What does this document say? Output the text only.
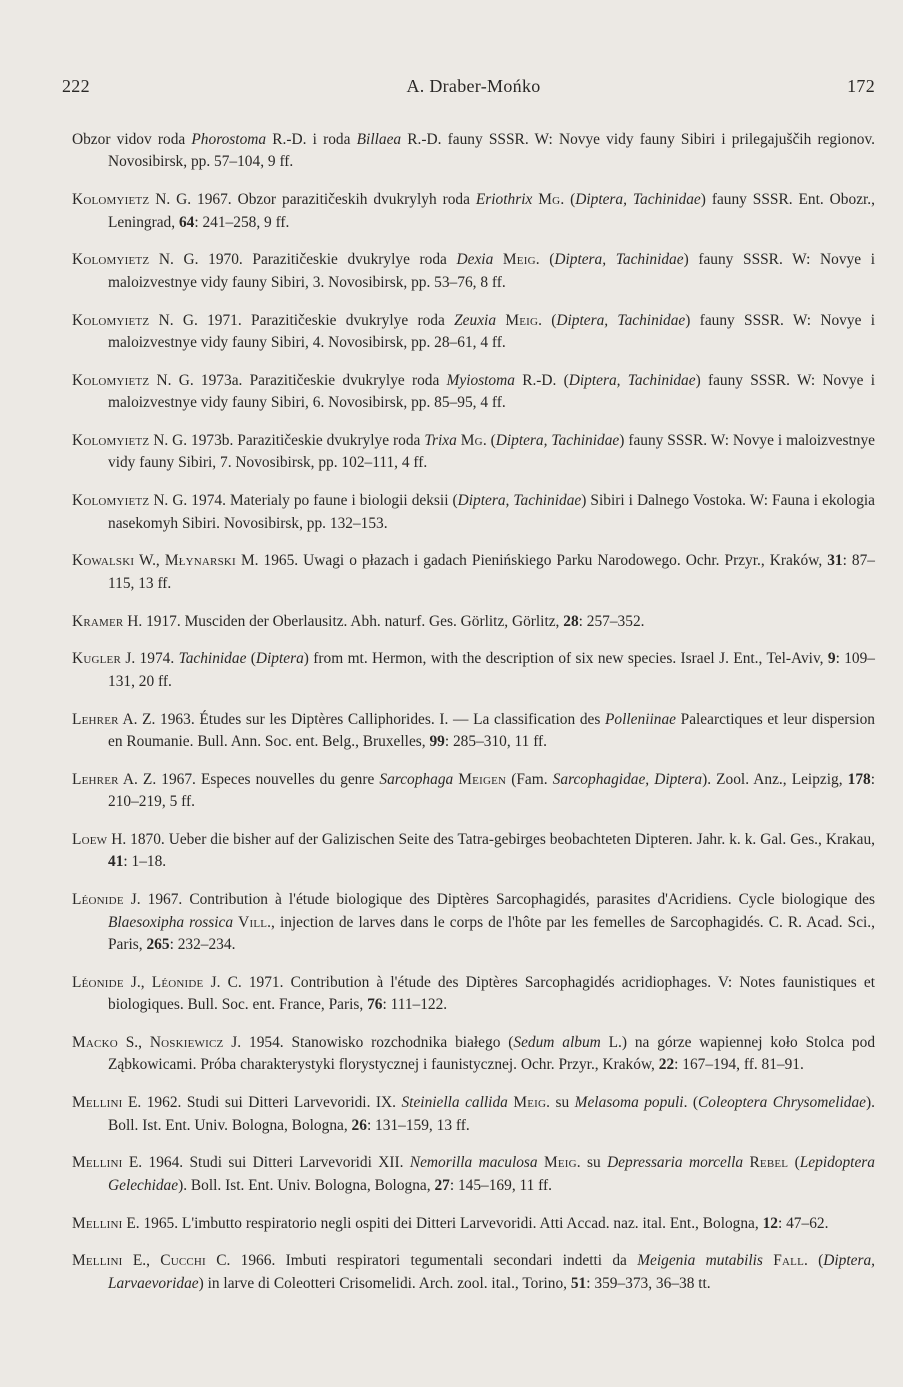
222	A. Draber-Mońko	172

Obzor vidov roda Phorostoma R.-D. i roda Billaea R.-D. fauny SSSR. W: Novye vidy fauny Sibiri i prilegajuščih regionov. Novosibirsk, pp. 57–104, 9 ff.

Kolomyietz N. G. 1967. Obzor parazitičeskih dvukrylyh roda Eriothrix Mg. (Diptera, Tachinidae) fauny SSSR. Ent. Obozr., Leningrad, 64: 241–258, 9 ff.

Kolomyietz N. G. 1970. Parazitičeskie dvukrylye roda Dexia Meig. (Diptera, Tachinidae) fauny SSSR. W: Novye i maloizvestnye vidy fauny Sibiri, 3. Novosibirsk, pp. 53–76, 8 ff.

Kolomyietz N. G. 1971. Parazitičeskie dvukrylye roda Zeuxia Meig. (Diptera, Tachinidae) fauny SSSR. W: Novye i maloizvestnye vidy fauny Sibiri, 4. Novosibirsk, pp. 28–61, 4 ff.

Kolomyietz N. G. 1973a. Parazitičeskie dvukrylye roda Myiostoma R.-D. (Diptera, Tachinidae) fauny SSSR. W: Novye i maloizvestnye vidy fauny Sibiri, 6. Novosibirsk, pp. 85–95, 4 ff.

Kolomyietz N. G. 1973b. Parazitičeskie dvukrylye roda Trixa Mg. (Diptera, Tachinidae) fauny SSSR. W: Novye i maloizvestnye vidy fauny Sibiri, 7. Novosibirsk, pp. 102–111, 4 ff.

Kolomyietz N. G. 1974. Materialy po faune i biologii deksii (Diptera, Tachinidae) Sibiri i Dalnego Vostoka. W: Fauna i ekologia nasekomyh Sibiri. Novosibirsk, pp. 132–153.

Kowalski W., Młynarski M. 1965. Uwagi o płazach i gadach Pienińskiego Parku Narodowego. Ochr. Przyr., Kraków, 31: 87–115, 13 ff.

Kramer H. 1917. Musciden der Oberlausitz. Abh. naturf. Ges. Görlitz, Görlitz, 28: 257–352.

Kugler J. 1974. Tachinidae (Diptera) from mt. Hermon, with the description of six new species. Israel J. Ent., Tel-Aviv, 9: 109–131, 20 ff.

Lehrer A. Z. 1963. Études sur les Diptères Calliphorides. I. — La classification des Polleniinae Palearctiques et leur dispersion en Roumanie. Bull. Ann. Soc. ent. Belg., Bruxelles, 99: 285–310, 11 ff.

Lehrer A. Z. 1967. Especes nouvelles du genre Sarcophaga Meigen (Fam. Sarcophagidae, Diptera). Zool. Anz., Leipzig, 178: 210–219, 5 ff.

Loew H. 1870. Ueber die bisher auf der Galizischen Seite des Tatra-gebirges beobachteten Dipteren. Jahr. k. k. Gal. Ges., Krakau, 41: 1–18.

Léonide J. 1967. Contribution à l'étude biologique des Diptères Sarcophagidés, parasites d'Acridiens. Cycle biologique des Blaesoxipha rossica Vill., injection de larves dans le corps de l'hôte par les femelles de Sarcophagidés. C. R. Acad. Sci., Paris, 265: 232–234.

Léonide J., Léonide J. C. 1971. Contribution à l'étude des Diptères Sarcophagidés acridiophages. V: Notes faunistiques et biologiques. Bull. Soc. ent. France, Paris, 76: 111–122.

Macko S., Noskiewicz J. 1954. Stanowisko rozchodnika białego (Sedum album L.) na górze wapiennej koło Stolca pod Ząbkowicami. Próba charakterystyki florystycznej i faunistycznej. Ochr. Przyr., Kraków, 22: 167–194, ff. 81–91.

Mellini E. 1962. Studi sui Ditteri Larvevoridi. IX. Steiniella callida Meig. su Melasoma populi. (Coleoptera Chrysomelidae). Boll. Ist. Ent. Univ. Bologna, Bologna, 26: 131–159, 13 ff.

Mellini E. 1964. Studi sui Ditteri Larvevoridi XII. Nemorilla maculosa Meig. su Depressaria morcella Rebel (Lepidoptera Gelechidae). Boll. Ist. Ent. Univ. Bologna, Bologna, 27: 145–169, 11 ff.

Mellini E. 1965. L'imbutto respiratorio negli ospiti dei Ditteri Larvevoridi. Atti Accad. naz. ital. Ent., Bologna, 12: 47–62.

Mellini E., Cucchi C. 1966. Imbuti respiratori tegumentali secondari indetti da Meigenia mutabilis Fall. (Diptera, Larvaevoridae) in larve di Coleotteri Crisomelidi. Arch. zool. ital., Torino, 51: 359–373, 36–38 tt.
